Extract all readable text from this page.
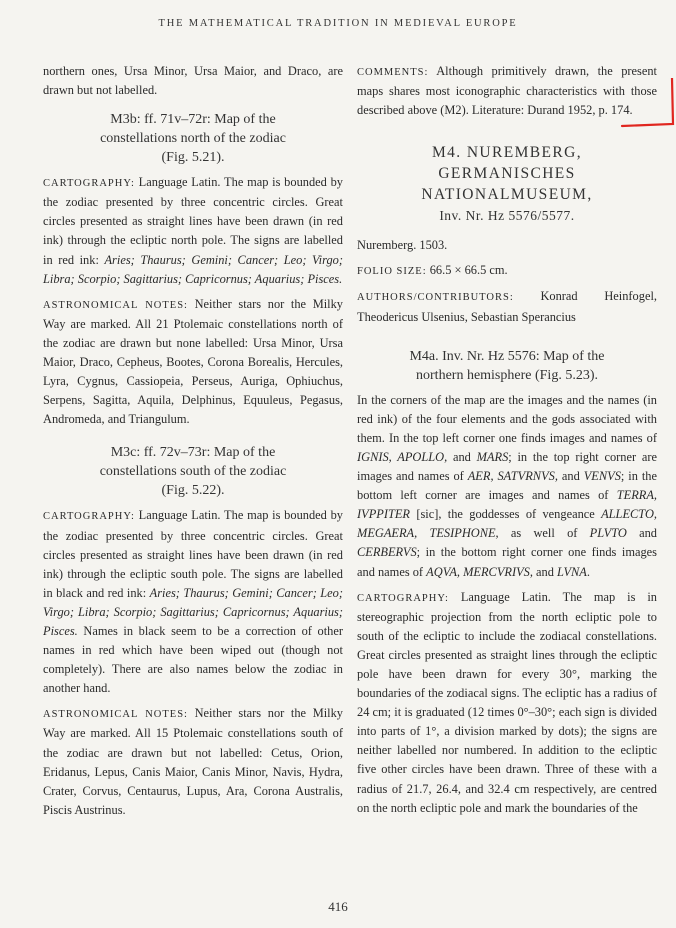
THE MATHEMATICAL TRADITION IN MEDIEVAL EUROPE

northern ones, Ursa Minor, Ursa Maior, and Draco, are drawn but not labelled.

M3b: ff. 71v–72r: Map of the
constellations north of the zodiac
(Fig. 5.21).

CARTOGRAPHY: Language Latin. The map is bounded by the zodiac presented by three concentric circles. Great circles presented as straight lines have been drawn (in red ink) through the ecliptic north pole. The signs are labelled in red ink: Aries; Thaurus; Gemini; Cancer; Leo; Virgo; Libra; Scorpio; Sagittarius; Capricornus; Aquarius; Pisces.

ASTRONOMICAL NOTES: Neither stars nor the Milky Way are marked. All 21 Ptolemaic constellations north of the zodiac are drawn but none labelled: Ursa Minor, Ursa Maior, Draco, Cepheus, Bootes, Corona Borealis, Hercules, Lyra, Cygnus, Cassiopeia, Perseus, Auriga, Ophiuchus, Serpens, Sagitta, Aquila, Delphinus, Equuleus, Pegasus, Andromeda, and Triangulum.

M3c: ff. 72v–73r: Map of the
constellations south of the zodiac
(Fig. 5.22).

CARTOGRAPHY: Language Latin. The map is bounded by the zodiac presented by three concentric circles. Great circles presented as straight lines have been drawn (in red ink) through the ecliptic south pole. The signs are labelled in black and red ink: Aries; Thaurus; Gemini; Cancer; Leo; Virgo; Libra; Scorpio; Sagittarius; Capricornus; Aquarius; Pisces. Names in black seem to be a correction of other names in red which have been wiped out (though not completely). There are also names below the zodiac in another hand.

ASTRONOMICAL NOTES: Neither stars nor the Milky Way are marked. All 15 Ptolemaic constellations south of the zodiac are drawn but not labelled: Cetus, Orion, Eridanus, Lepus, Canis Maior, Canis Minor, Navis, Hydra, Crater, Corvus, Centaurus, Lupus, Ara, Corona Australis, Piscis Austrinus.

COMMENTS: Although primitively drawn, the present maps shares most iconographic characteristics with those described above (M2). Literature: Durand 1952, p. 174.

M4. NUREMBERG,
GERMANISCHES
NATIONALMUSEUM,
Inv. Nr. Hz 5576/5577.

Nuremberg. 1503.

FOLIO SIZE: 66.5 × 66.5 cm.

AUTHORS/CONTRIBUTORS: Konrad Heinfogel, Theodericus Ulsenius, Sebastian Sperancius

M4a. Inv. Nr. Hz 5576: Map of the
northern hemisphere (Fig. 5.23).

In the corners of the map are the images and the names (in red ink) of the four elements and the gods associated with them. In the top left corner one finds images and names of IGNIS, APOLLO, and MARS; in the top right corner are images and names of AER, SATVRNVS, and VENVS; in the bottom left corner are images and names of TERRA, IVPPITER [sic], the goddesses of vengeance ALLECTO, MEGAERA, TESIPHONE, as well of PLVTO and CERBERVS; in the bottom right corner one finds images and names of AQVA, MERCVRIVS, and LVNA.

CARTOGRAPHY: Language Latin. The map is in stereographic projection from the north ecliptic pole to south of the ecliptic to include the zodiacal constellations. Great circles presented as straight lines through the ecliptic pole have been drawn for every 30°, marking the boundaries of the zodiacal signs. The ecliptic has a radius of 24 cm; it is graduated (12 times 0°–30°; each sign is divided into parts of 1°, a division marked by dots); the signs are neither labelled nor numbered. In addition to the ecliptic five other circles have been drawn. Three of these with a radius of 21.7, 26.4, and 32.4 cm respectively, are centred on the north ecliptic pole and mark the boundaries of the

416
